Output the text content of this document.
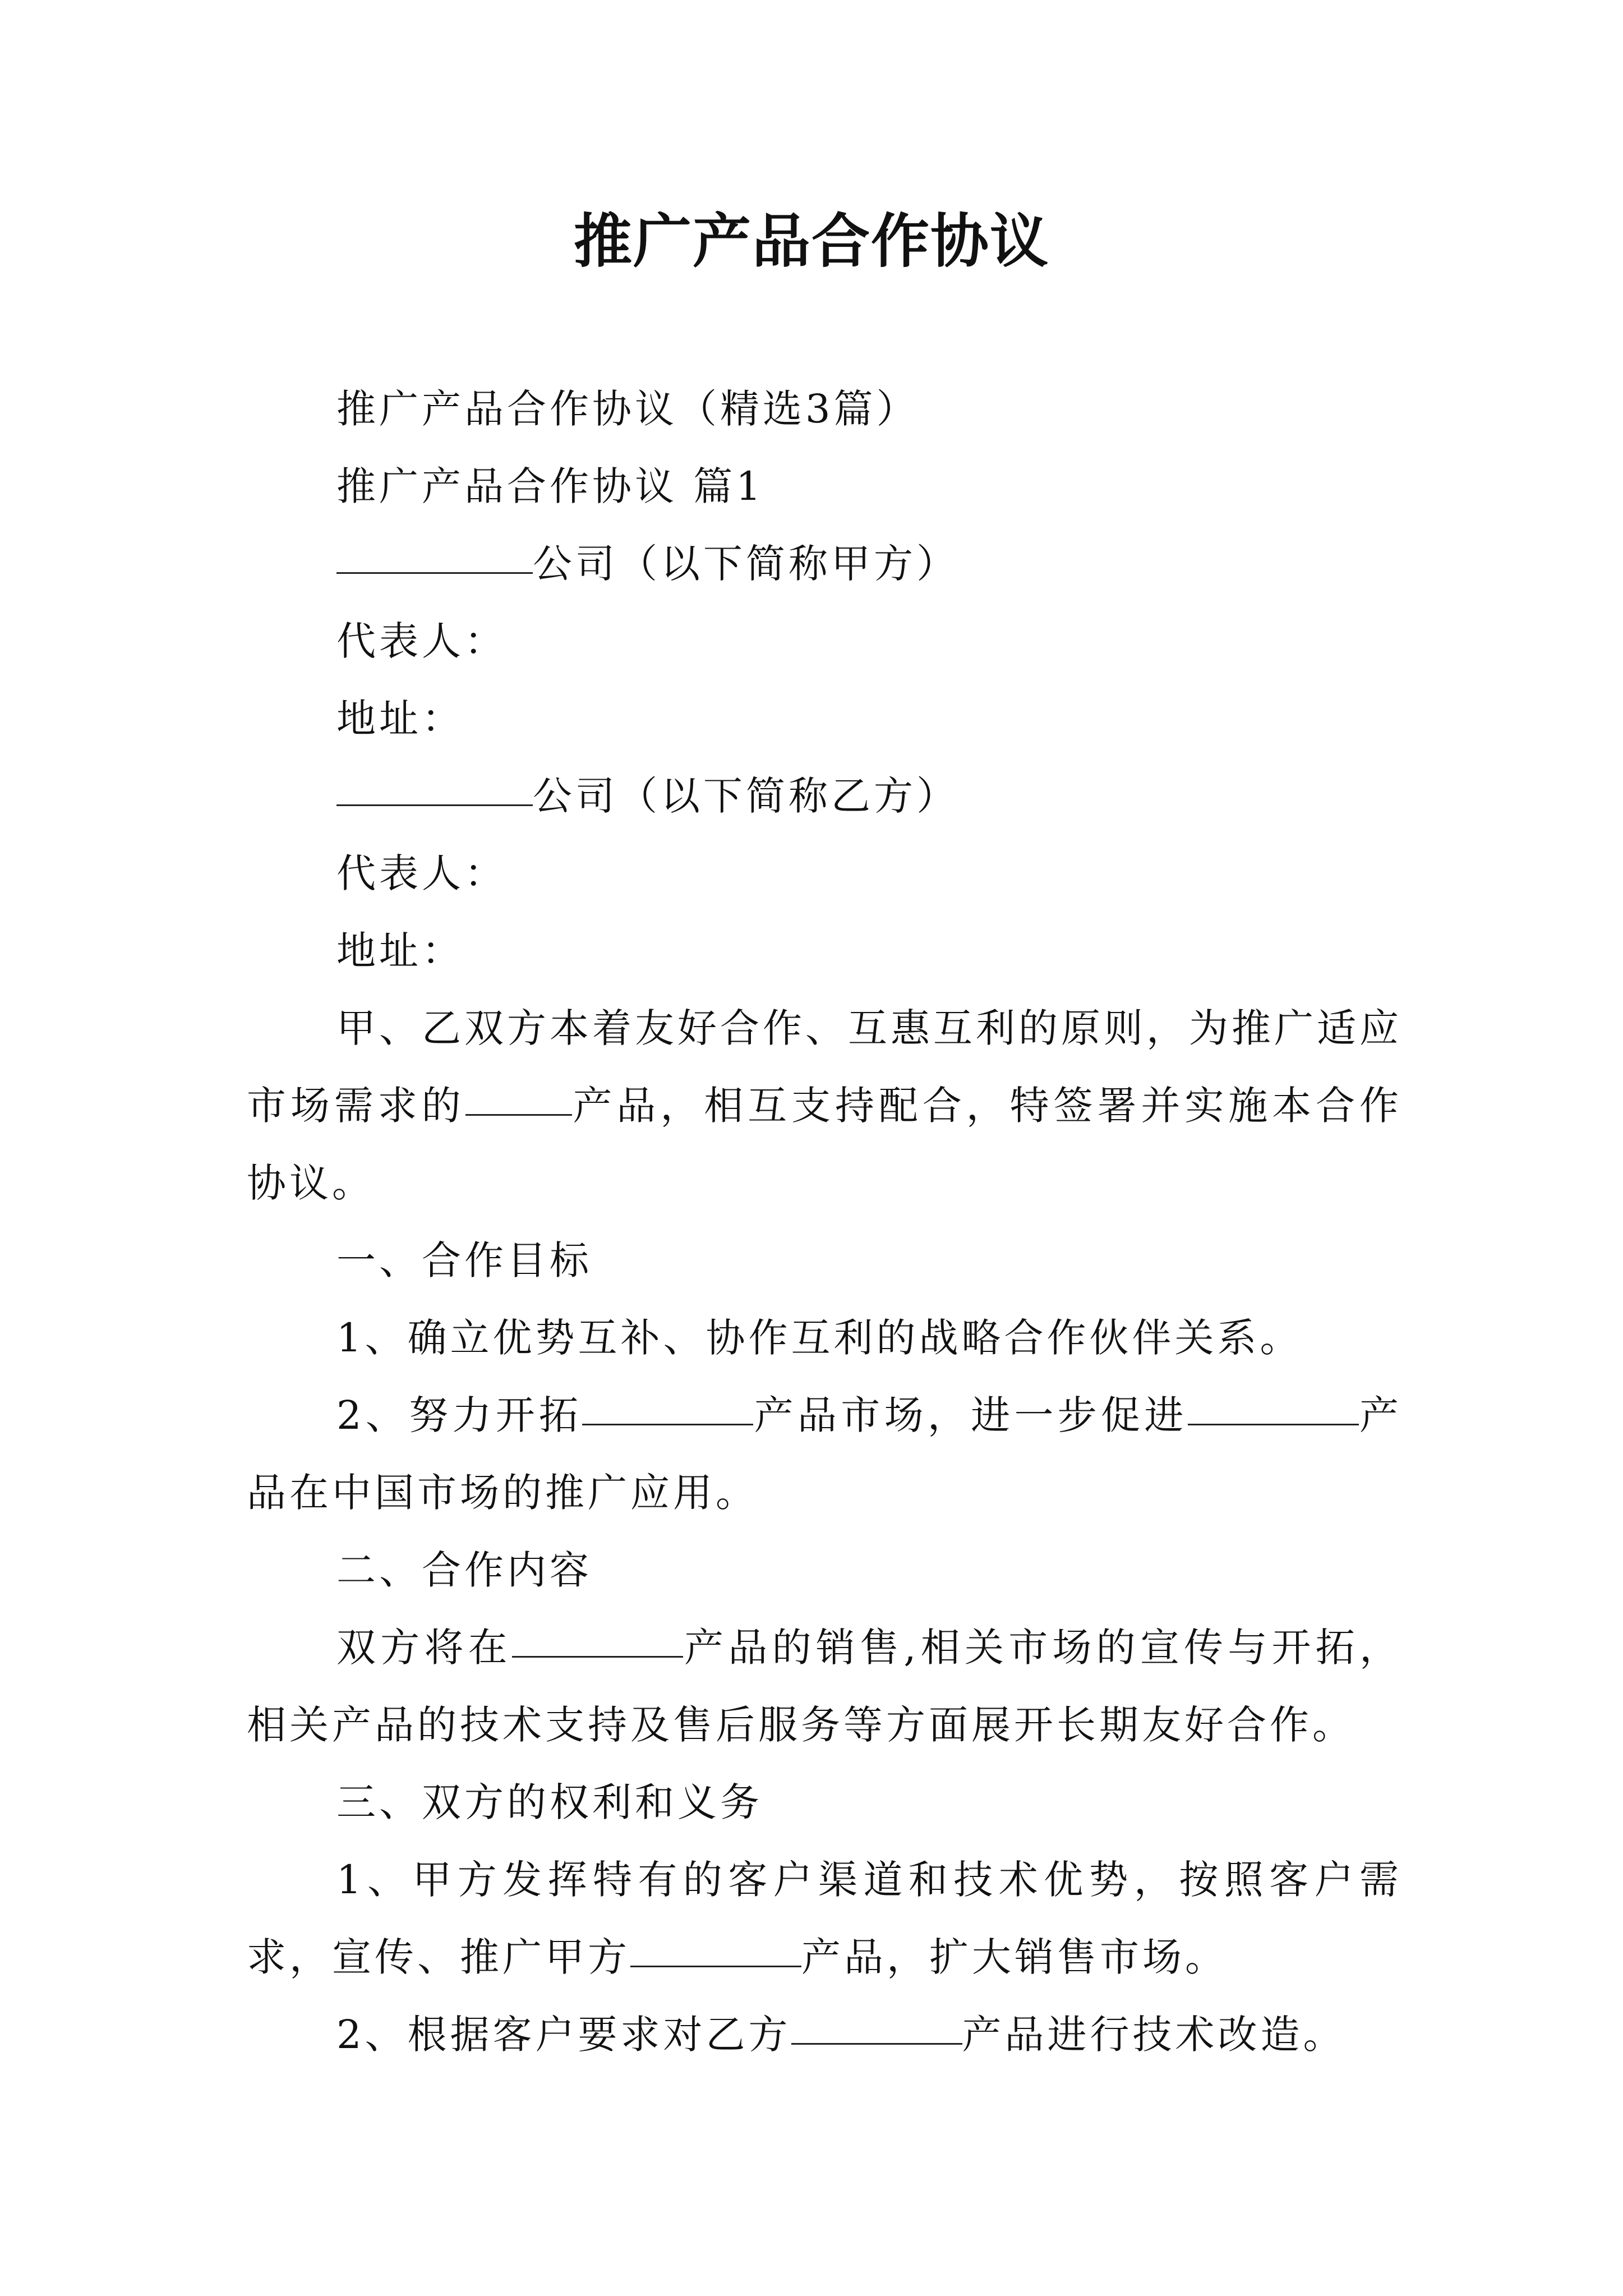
推广产品合作协议

推广产品合作协议（精选3篇）

推广产品合作协议 篇1

公司（以下简称甲方）

代表人：

地址：

公司（以下简称乙方）

代表人：

地址：

甲、乙双方本着友好合作、互惠互利的原则，为推广适应市场需求的	产品，相互支持配合，特签署并实施本合作协议。

一、合作目标

1、确立优势互补、协作互利的战略合作伙伴关系。

2、努力开拓	产品市场，进一步促进	产品在中国市场的推广应用。

二、合作内容

双方将在	产品的销售,相关市场的宣传与开拓，相关产品的技术支持及售后服务等方面展开长期友好合作。

三、双方的权利和义务

1、甲方发挥特有的客户渠道和技术优势，按照客户需求，宣传、推广甲方	产品，扩大销售市场。

2、根据客户要求对乙方	产品进行技术改造。
